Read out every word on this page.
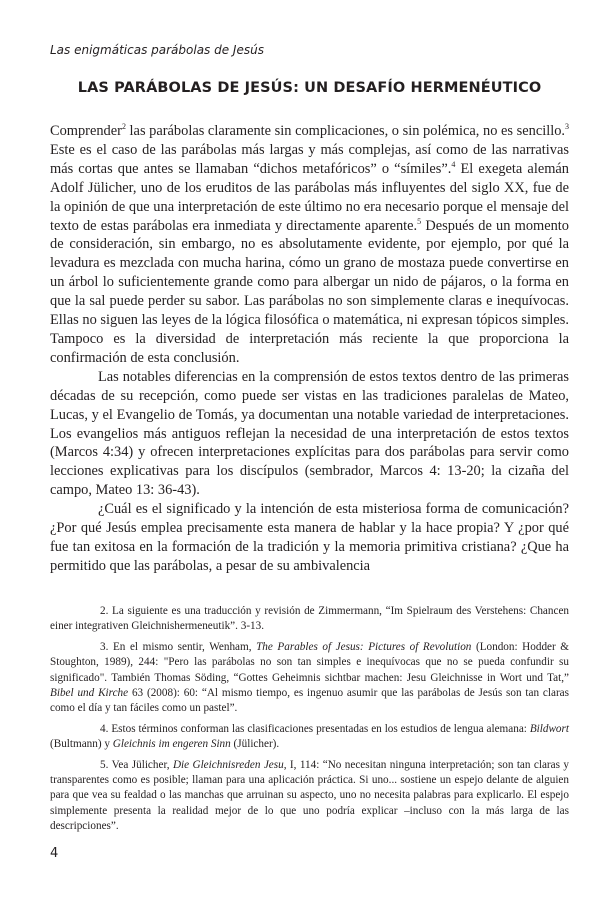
Las enigmáticas parábolas de Jesús
LAS PARÁBOLAS DE JESÚS: UN DESAFÍO HERMENÉUTICO

Comprender$^2$ las parábolas claramente sin complicaciones, o sin polémica, no es sencillo.$^3$ Este es el caso de las parábolas más largas y más complejas, así como de las narrativas más cortas que antes se llamaban “dichos metafóricos” o “símiles”.$^4$ El exegeta alemán Adolf Jülicher, uno de los eruditos de las parábolas más influyentes del siglo XX, fue de la opinión de que una interpretación de este último no era necesario porque el mensaje del texto de estas parábolas era inmediata y directamente aparente.$^5$ Después de un momento de consideración, sin embargo, no es absolutamente evidente, por ejemplo, por qué la levadura es mezclada con mucha harina, cómo un grano de mostaza puede convertirse en un árbol lo suficientemente grande como para albergar un nido de pájaros, o la forma en que la sal puede perder su sabor. Las parábolas no son simplemente claras e inequívocas. Ellas no siguen las leyes de la lógica filosófica o matemática, ni expresan tópicos simples. Tampoco es la diversidad de interpretación más reciente la que proporciona la confirmación de esta conclusión.

Las notables diferencias en la comprensión de estos textos dentro de las primeras décadas de su recepción, como puede ser vistas en las tradiciones paralelas de Mateo, Lucas, y el Evangelio de Tomás, ya documentan una notable variedad de interpretaciones. Los evangelios más antiguos reflejan la necesidad de una interpretación de estos textos (Marcos 4:34) y ofrecen interpretaciones explícitas para dos parábolas para servir como lecciones explicativas para los discípulos (sembrador, Marcos 4: 13-20; la cizaña del campo, Mateo 13: 36-43).

¿Cuál es el significado y la intención de esta misteriosa forma de comunicación? ¿Por qué Jesús emplea precisamente esta manera de hablar y la hace propia? Y ¿por qué fue tan exitosa en la formación de la tradición y la memoria primitiva cristiana? ¿Que ha permitido que las parábolas, a pesar de su ambivalencia

2. La siguiente es una traducción y revisión de Zimmermann, “Im Spielraum des Verstehens: Chancen einer integrativen Gleichnishermeneutik”. 3-13.

3. En el mismo sentir, Wenham, The Parables of Jesus: Pictures of Revolution (London: Hodder & Stoughton, 1989), 244: "Pero las parábolas no son tan simples e inequívocas que no se pueda confundir su significado". También Thomas Söding, “Gottes Geheimnis sichtbar machen: Jesu Gleichnisse in Wort und Tat,” Bibel und Kirche 63 (2008): 60: “Al mismo tiempo, es ingenuo asumir que las parábolas de Jesús son tan claras como el día y tan fáciles como un pastel”.

4. Estos términos conforman las clasificaciones presentadas en los estudios de lengua alemana: Bildwort (Bultmann) y Gleichnis im engeren Sinn (Jülicher).

5. Vea Jülicher, Die Gleichnisreden Jesu, I, 114: “No necesitan ninguna interpretación; son tan claras y transparentes como es posible; llaman para una aplicación práctica. Si uno... sostiene un espejo delante de alguien para que vea su fealdad o las manchas que arruinan su aspecto, uno no necesita palabras para explicarlo. El espejo simplemente presenta la realidad mejor de lo que uno podría explicar –incluso con la más larga de las descripciones”.

4
